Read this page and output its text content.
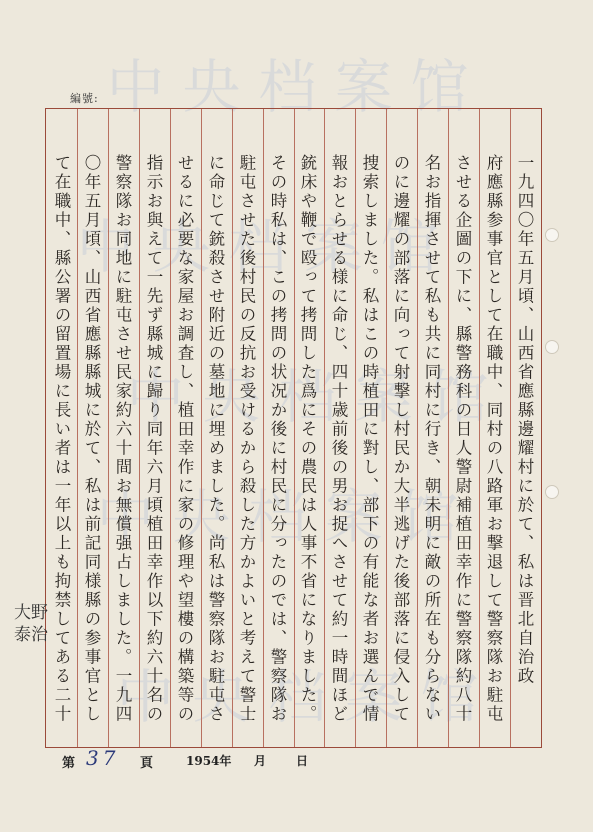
中央档案馆
中央档案馆
中央档案馆
中央档案馆
中央档案馆
編號:
一九四〇年五月頃、山西省應縣邊耀村に於て、私は晋北自治政
府應縣参事官として在職中、同村の八路軍お撃退して警察隊お駐屯
させる企圖の下に、縣警務科の日人警尉補植田幸作に警察隊約八十
名お指揮させて私も共に同村に行き、朝未明に敵の所在も分らない
のに邊耀の部落に向って射撃し村民か大半逃げた後部落に侵入して
捜索しました。私はこの時植田に對し、部下の有能な者お選んで情
報おとらせる様に命じ、四十歳前後の男お捉へさせて約一時間ほど
銃床や鞭で殴って拷問した爲にその農民は人事不省になりました。
その時私は、この拷問の状况か後に村民に分ったのでは、警察隊お
駐屯させた後村民の反抗お受けるから殺した方かよいと考えて警士
に命じて銃殺させ附近の墓地に埋めました。尚私は警察隊お駐屯さ
せるに必要な家屋お調査し、植田幸作に家の修理や望樓の構築等の
指示お與えて一先ず縣城に歸り同年六月頃植田幸作以下約六十名の
警察隊お同地に駐屯させ民家約六十間お無償强占しました。一九四
〇年五月頃、山西省應縣縣城に於て、私は前記同様縣の参事官とし
て在職中、縣公署の留置場に長い者は一年以上も拘禁してある二十
大野泰治
第 37 頁	1954年 月 日
